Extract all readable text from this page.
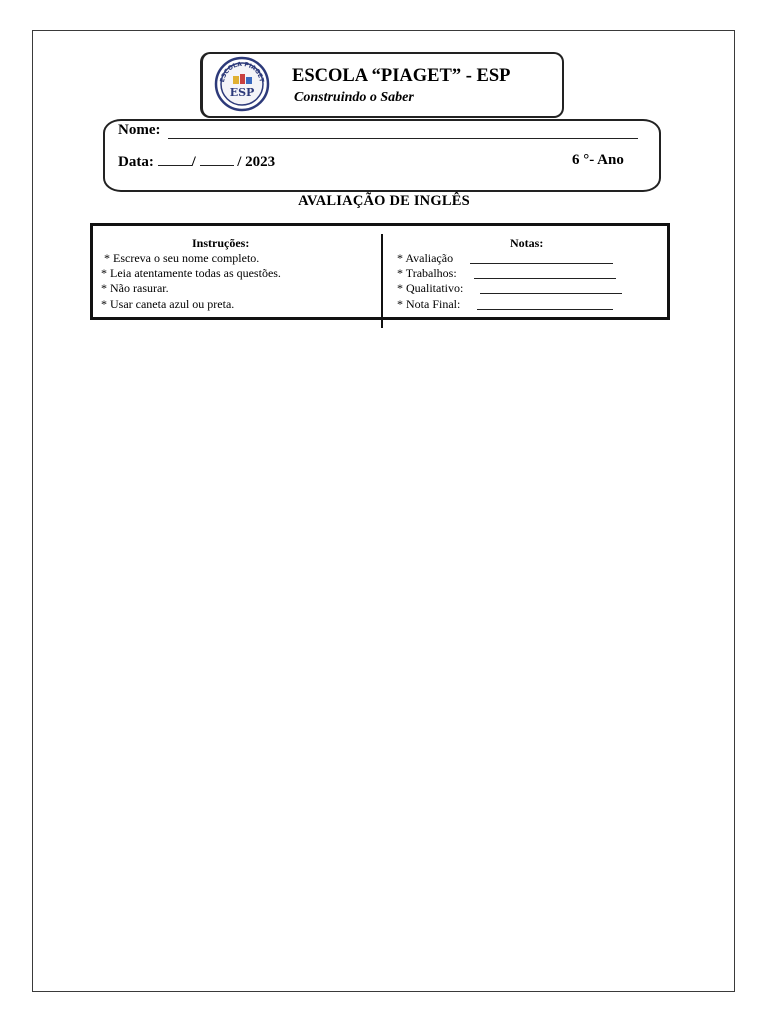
ESCOLA PIAGET
ESP
ESCOLA “PIAGET” - ESP
Construindo o Saber
Nome:
Data:	/	/ 2023	6 °- Ano
AVALIAÇÃO DE INGLÊS
Instruções:
* Escreva o seu nome completo.
* Leia atentamente todas as questões.
* Não rasurar.
* Usar caneta azul ou preta.
Notas:
* Avaliação
* Trabalhos:
* Qualitativo:
* Nota Final:
